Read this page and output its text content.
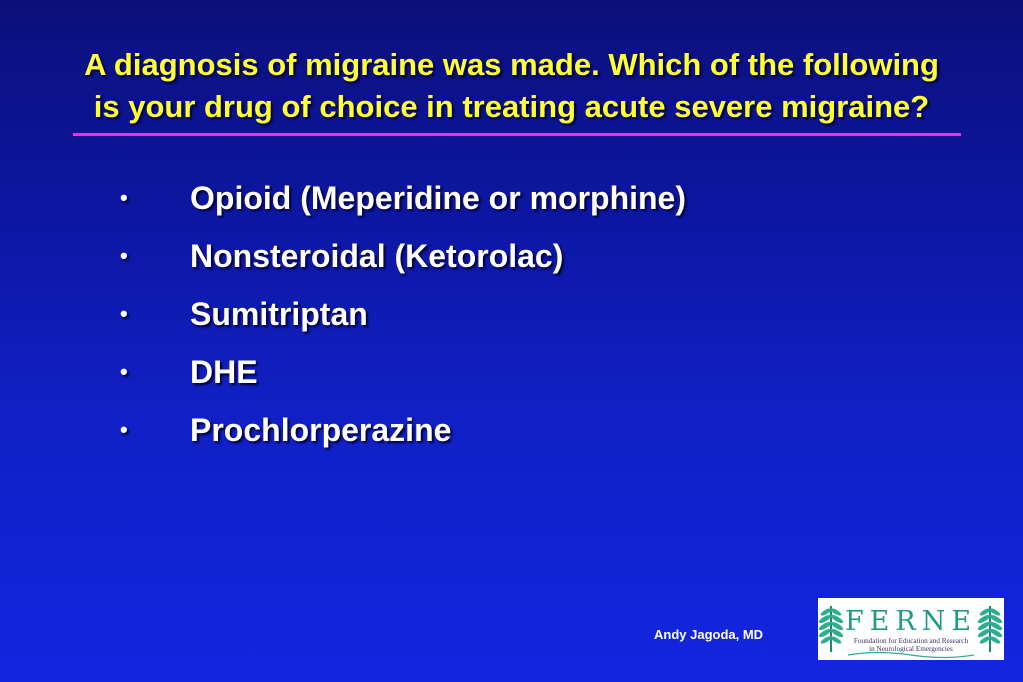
A diagnosis of migraine was made. Which of the following
is your drug of choice in treating acute severe migraine?
• Opioid (Meperidine or morphine)
• Nonsteroidal (Ketorolac)
• Sumitriptan
• DHE
• Prochlorperazine
Andy Jagoda, MD	FERNE
Foundation for Education and Research
in Neurological Emergencies
